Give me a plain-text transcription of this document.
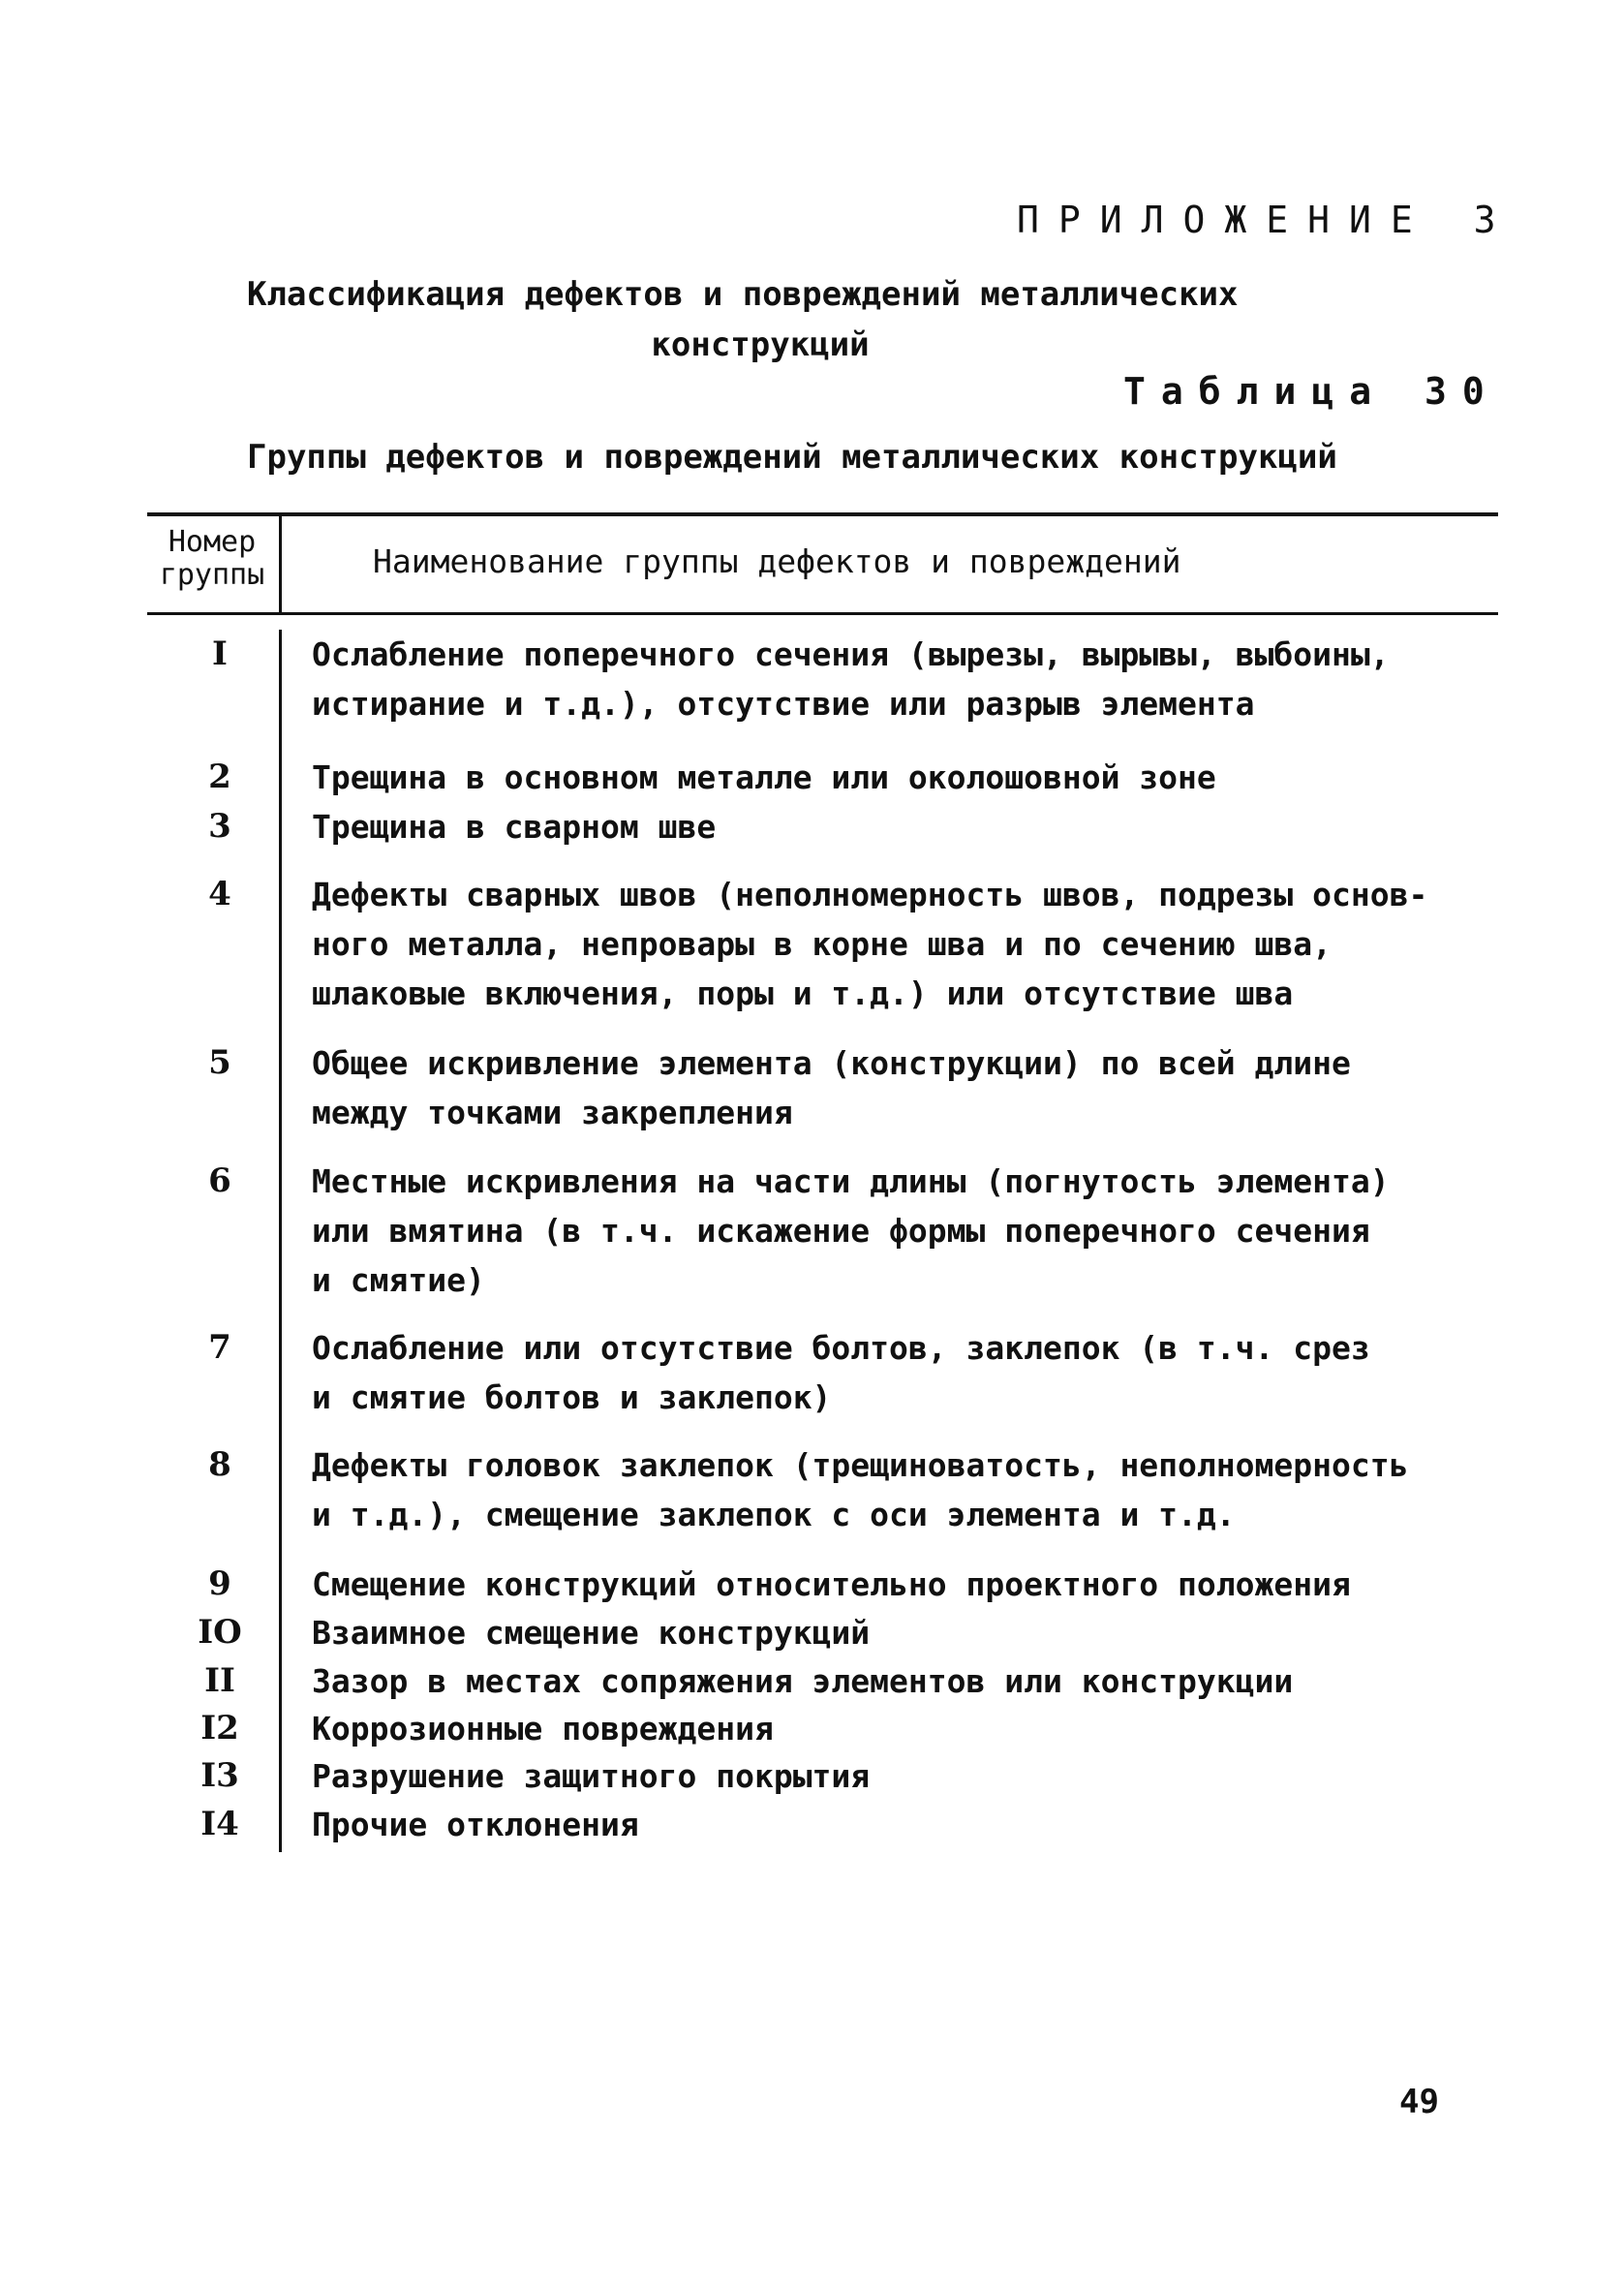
ПРИЛОЖЕНИЕ 3
Классификация дефектов и повреждений металлических
конструкций
Таблица 30
Группы дефектов и повреждений металлических конструкций
Номер
группы	Наименование группы дефектов и повреждений
I	Ослабление поперечного сечения (вырезы, вырывы, выбоины,
истирание и т.д.), отсутствие или разрыв элемента
2	Трещина в основном металле или околошовной зоне
3	Трещина в сварном шве
4	Дефекты сварных швов (неполномерность швов, подрезы основ-
ного металла, непровары в корне шва и по сечению шва,
шлаковые включения, поры и т.д.) или отсутствие шва
5	Общее искривление элемента (конструкции) по всей длине
между точками закрепления
6	Местные искривления на части длины (погнутость элемента)
или вмятина (в т.ч. искажение формы поперечного сечения
и смятие)
7	Ослабление или отсутствие болтов, заклепок (в т.ч. срез
и смятие болтов и заклепок)
8	Дефекты головок заклепок (трещиноватость, неполномерность
и т.д.), смещение заклепок с оси элемента и т.д.
9	Смещение конструкций относительно проектного положения
IO	Взаимное смещение конструкций
II	Зазор в местах сопряжения элементов или конструкции
I2	Коррозионные повреждения
I3	Разрушение защитного покрытия
I4	Прочие отклонения
49
